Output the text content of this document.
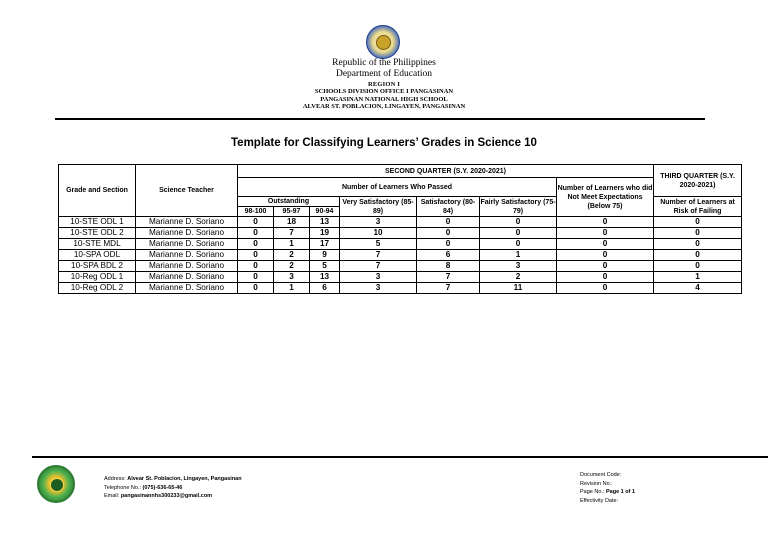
Republic of the Philippines
Department of Education
REGION I
SCHOOLS DIVISION OFFICE I PANGASINAN
PANGASINAN NATIONAL HIGH SCHOOL
ALVEAR ST. POBLACION, LINGAYEN, PANGASINAN
Template for Classifying Learners’ Grades in Science 10
Grade and Section	Science Teacher	SECOND QUARTER (S.Y. 2020-2021)							THIRD QUARTER (S.Y. 2020-2021)
		Number of Learners Who Passed						Number of Learners who did Not Meet Expectations (Below 75)	
		Outstanding			Very Satisfactory (85-89)	Satisfactory (80-84)	Fairly Satisfactory (75-79)		Number of Learners at Risk of Failing
		98-100	95-97	90-94					
10-STE ODL 1	Marianne D. Soriano	0	18	13	3	0	0	0	0
10-STE ODL 2	Marianne D. Soriano	0	7	19	10	0	0	0	0
10-STE MDL	Marianne D. Soriano	0	1	17	5	0	0	0	0
10-SPA ODL	Marianne D. Soriano	0	2	9	7	6	1	0	0
10-SPA BDL 2	Marianne D. Soriano	0	2	5	7	8	3	0	0
10-Reg ODL 1	Marianne D. Soriano	0	3	13	3	7	2	0	1
10-Reg ODL 2	Marianne D. Soriano	0	1	6	3	7	11	0	4
Address: Alvear St. Poblacion, Lingayen, Pangasinan
Telephone No.: (075)-636-65-46
Email: pangasinannhs300233@gmail.com
Document Code:
Revision No.:
Page No.: Page 1 of 1
Effectivity Date:
